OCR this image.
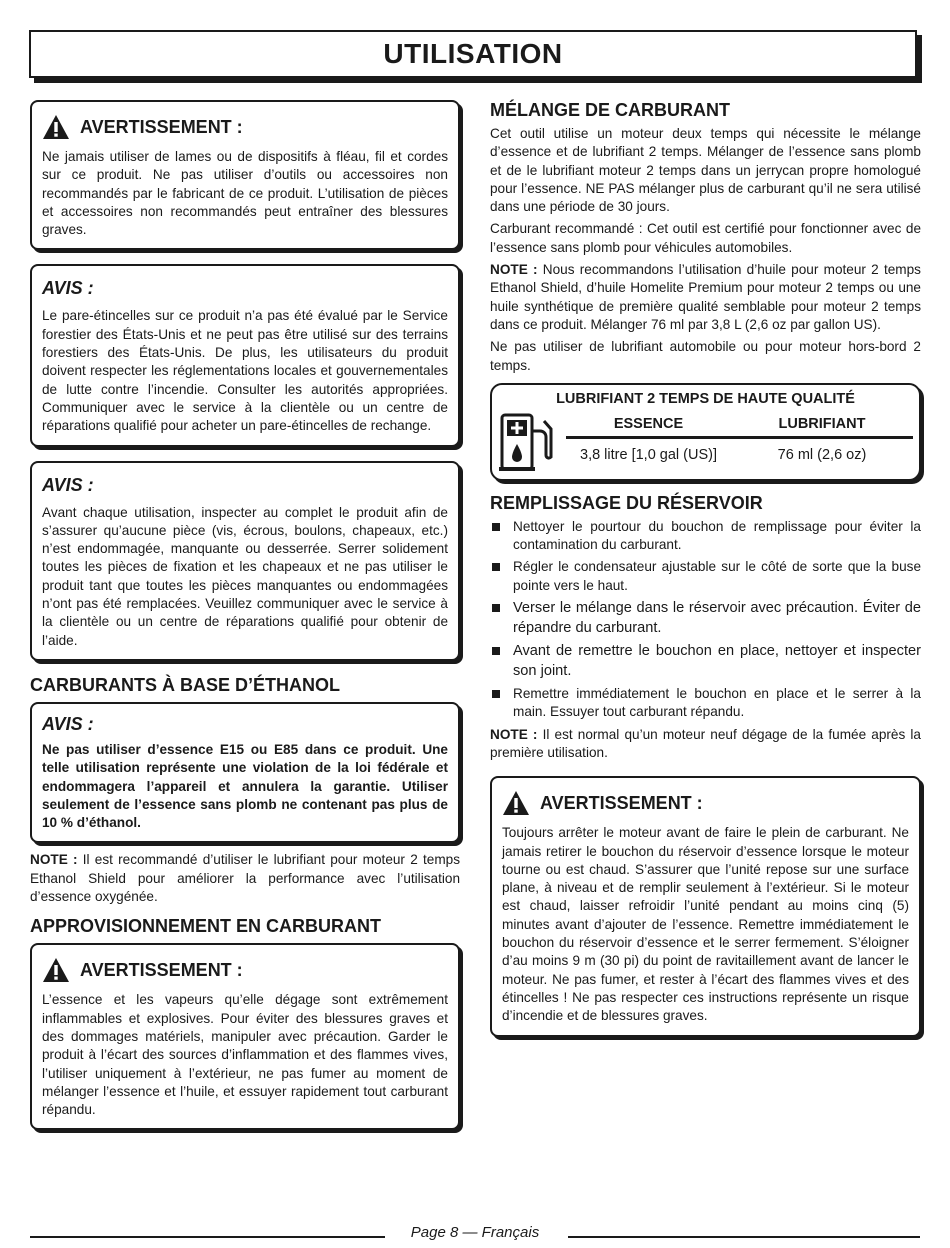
UTILISATION
AVERTISSEMENT :

Ne jamais utiliser de lames ou de dispositifs à fléau, fil et cordes sur ce produit. Ne pas utiliser d’outils ou accessoires non recommandés par le fabricant de ce produit. L’utilisation de pièces et accessoires non recommandés peut entraîner des blessures graves.

AVIS :

Le pare-étincelles sur ce produit n’a pas été évalué par le Service forestier des États-Unis et ne peut pas être utilisé sur des terrains forestiers des États-Unis. De plus, les utilisateurs du produit doivent respecter les réglementations locales et gouvernementales de lutte contre l’incendie. Consulter les autorités appropriées. Communiquer avec le service à la clientèle ou un centre de réparations qualifié pour acheter un pare-étincelles de rechange.

AVIS :

Avant chaque utilisation, inspecter au complet le produit afin de s’assurer qu’aucune pièce (vis, écrous, boulons, chapeaux, etc.) n’est endommagée, manquante ou desserrée. Serrer solidement toutes les pièces de fixation et les chapeaux et ne pas utiliser le produit tant que toutes les pièces manquantes ou endommagées n’ont pas été remplacées. Veuillez communiquer avec le service à la clientèle ou un centre de réparations qualifié pour obtenir de l’aide.

CARBURANTS À BASE D’ÉTHANOL
AVIS :

Ne pas utiliser d’essence E15 ou E85 dans ce produit. Une telle utilisation représente une violation de la loi fédérale et endommagera l’appareil et annulera la garantie. Utiliser seulement de l’essence sans plomb ne contenant pas plus de 10 % d’éthanol.

NOTE : Il est recommandé d’utiliser le lubrifiant pour moteur 2 temps Ethanol Shield pour améliorer la performance avec l’utilisation d’essence oxygénée.

APPROVISIONNEMENT EN CARBURANT
AVERTISSEMENT :

L’essence et les vapeurs qu’elle dégage sont extrêmement inflammables et explosives. Pour éviter des blessures graves et des dommages matériels, manipuler avec précaution. Garder le produit à l’écart des sources d’inflammation et des flammes vives, l’utiliser uniquement à l’extérieur, ne pas fumer au moment de mélanger l’essence et l’huile, et essuyer rapidement tout carburant répandu.

MÉLANGE DE CARBURANT

Cet outil utilise un moteur deux temps qui nécessite le mélange d’essence et de lubrifiant 2 temps. Mélanger de l’essence sans plomb et de le lubrifiant moteur 2 temps dans un jerrycan propre homologué pour l’essence. NE PAS mélanger plus de carburant qu’il ne sera utilisé dans une période de 30 jours.

Carburant recommandé : Cet outil est certifié pour fonctionner avec de l’essence sans plomb pour véhicules automobiles.

NOTE : Nous recommandons l’utilisation d’huile pour moteur 2 temps Ethanol Shield, d’huile Homelite Premium pour moteur 2 temps ou une huile synthétique de première qualité semblable pour moteur 2 temps dans ce produit. Mélanger 76 ml par 3,8 L (2,6 oz par gallon US).

Ne pas utiliser de lubrifiant automobile ou pour moteur hors-bord 2 temps.

LUBRIFIANT 2 TEMPS DE HAUTE QUALITÉ
ESSENCE	LUBRIFIANT
3,8 litre [1,0 gal (US)]	76 ml (2,6 oz)
REMPLISSAGE DU RÉSERVOIR
Nettoyer le pourtour du bouchon de remplissage pour éviter la contamination du carburant.
Régler le condensateur ajustable sur le côté de sorte que la buse pointe vers le haut.
Verser le mélange dans le réservoir avec précaution. Éviter de répandre du carburant.
Avant de remettre le bouchon en place, nettoyer et inspecter son joint.
Remettre immédiatement le bouchon en place et le serrer à la main. Essuyer tout carburant répandu.

NOTE : Il est normal qu’un moteur neuf dégage de la fumée après la première utilisation.

AVERTISSEMENT :

Toujours arrêter le moteur avant de faire le plein de carburant. Ne jamais retirer le bouchon du réservoir d’essence lorsque le moteur tourne ou est chaud. S’assurer que l’unité repose sur une surface plane, à niveau et de remplir seulement à l’extérieur. Si le moteur est chaud, laisser refroidir l’unité pendant au moins cinq (5) minutes avant d’ajouter de l’essence. Remettre immédiatement le bouchon du réservoir d’essence et le serrer fermement. S’éloigner d’au moins 9 m (30 pi) du point de ravitaillement avant de lancer le moteur. Ne pas fumer, et rester à l’écart des flammes vives et des étincelles ! Ne pas respecter ces instructions représente un risque d’incendie et de blessures graves.

Page 8 — Français
